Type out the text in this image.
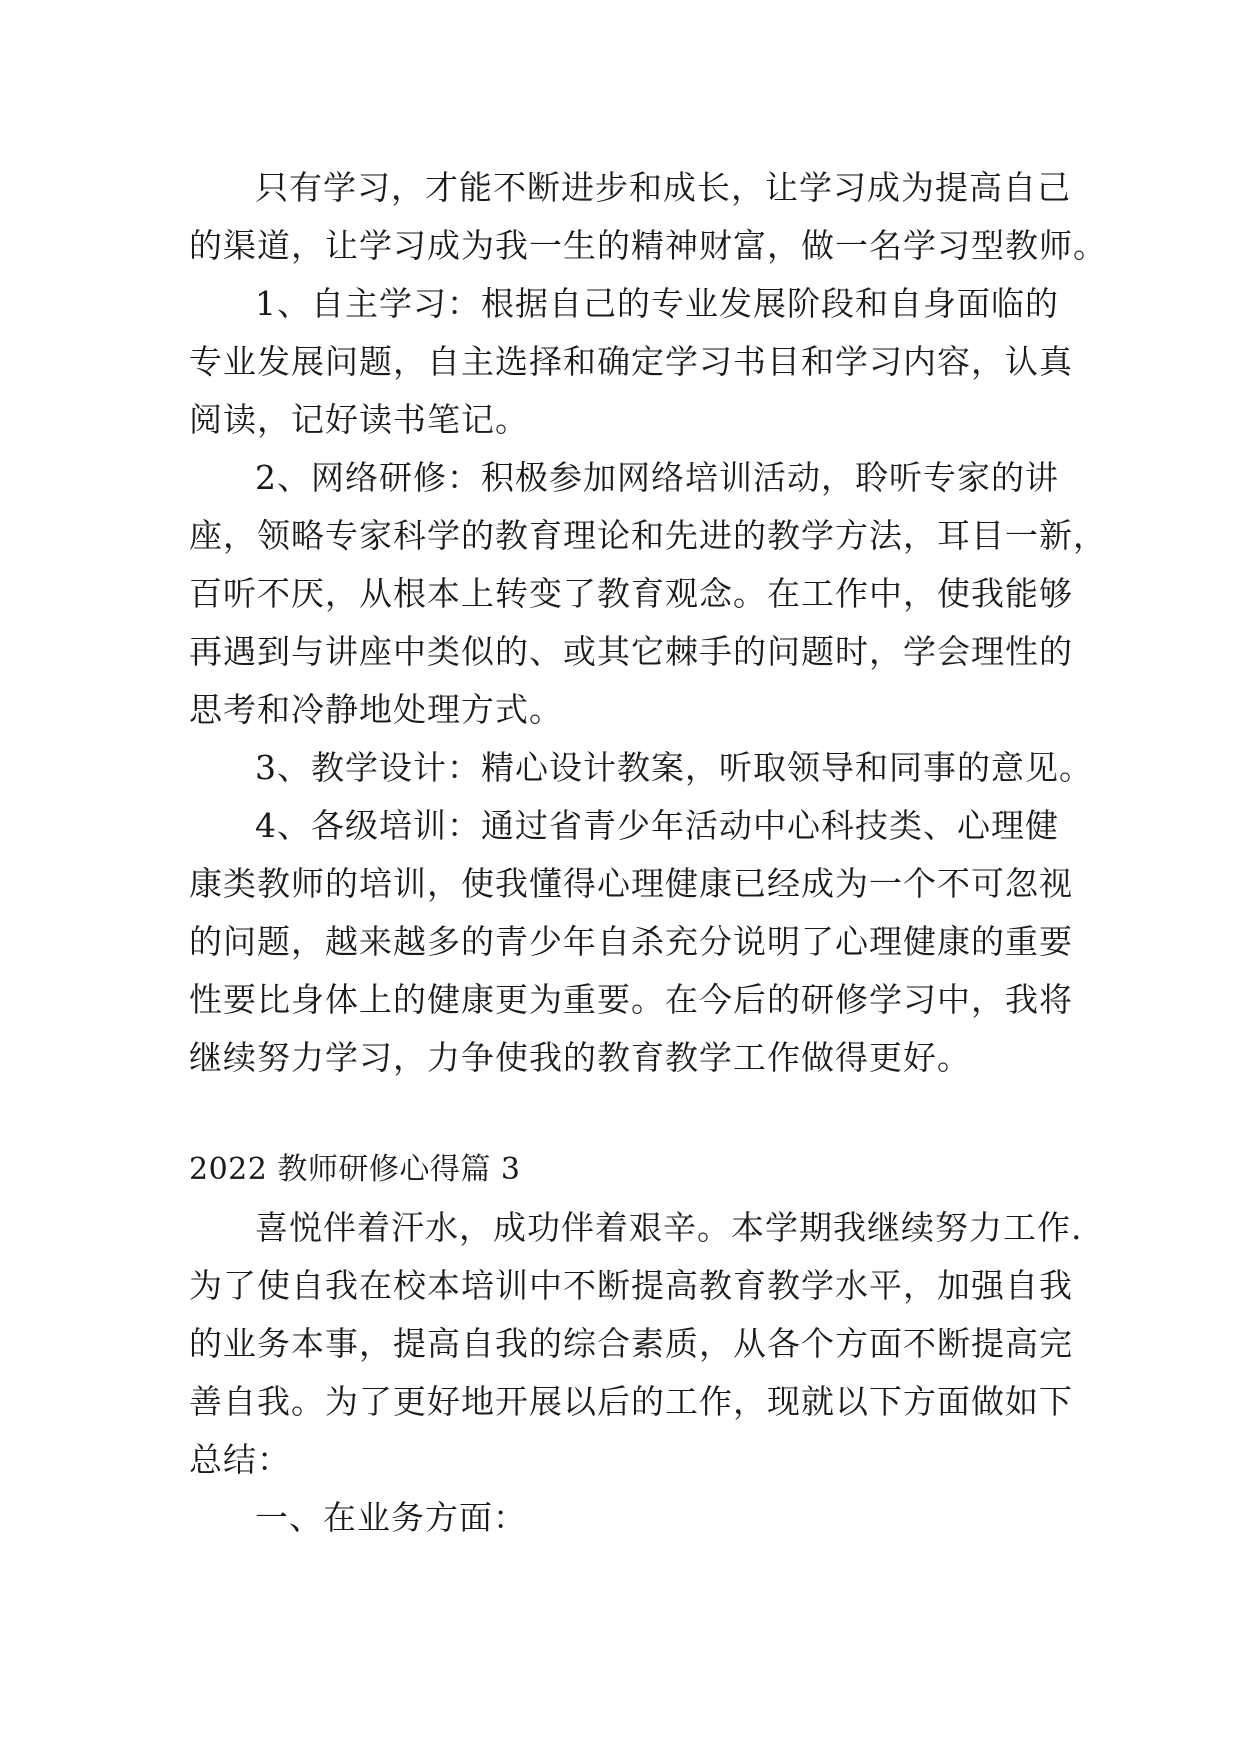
只有学习，才能不断进步和成长，让学习成为提高自己
的渠道，让学习成为我一生的精神财富，做一名学习型教师。
1、自主学习：根据自己的专业发展阶段和自身面临的
专业发展问题，自主选择和确定学习书目和学习内容，认真
阅读，记好读书笔记。
2、网络研修：积极参加网络培训活动，聆听专家的讲
座，领略专家科学的教育理论和先进的教学方法，耳目一新，
百听不厌，从根本上转变了教育观念。在工作中，使我能够
再遇到与讲座中类似的、或其它棘手的问题时，学会理性的
思考和冷静地处理方式。
3、教学设计：精心设计教案，听取领导和同事的意见。
4、各级培训：通过省青少年活动中心科技类、心理健
康类教师的培训，使我懂得心理健康已经成为一个不可忽视
的问题，越来越多的青少年自杀充分说明了心理健康的重要
性要比身体上的健康更为重要。在今后的研修学习中，我将
继续努力学习，力争使我的教育教学工作做得更好。
2022 教师研修心得篇 3
喜悦伴着汗水，成功伴着艰辛。本学期我继续努力工作.
为了使自我在校本培训中不断提高教育教学水平，加强自我
的业务本事，提高自我的综合素质，从各个方面不断提高完
善自我。为了更好地开展以后的工作，现就以下方面做如下
总结：
一、在业务方面：
